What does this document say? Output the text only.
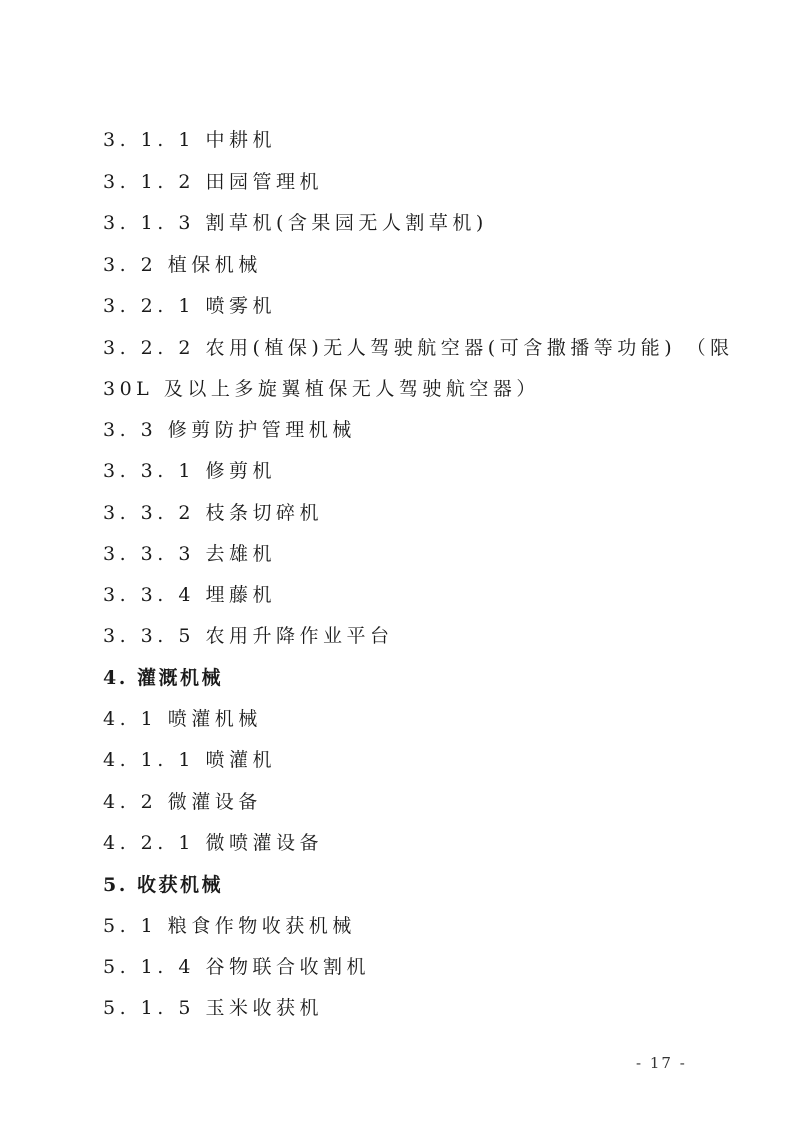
3. 1. 1 中耕机
3. 1. 2 田园管理机
3. 1. 3 割草机(含果园无人割草机)
3. 2 植保机械
3. 2. 1 喷雾机
3. 2. 2 农用(植保)无人驾驶航空器(可含撒播等功能) （限
30L 及以上多旋翼植保无人驾驶航空器）
3. 3 修剪防护管理机械
3. 3. 1 修剪机
3. 3. 2 枝条切碎机
3. 3. 3 去雄机
3. 3. 4 埋藤机
3. 3. 5 农用升降作业平台
4. 灌溉机械
4. 1 喷灌机械
4. 1. 1 喷灌机
4. 2 微灌设备
4. 2. 1 微喷灌设备
5. 收获机械
5. 1 粮食作物收获机械
5. 1. 4 谷物联合收割机
5. 1. 5 玉米收获机
- 17 -
